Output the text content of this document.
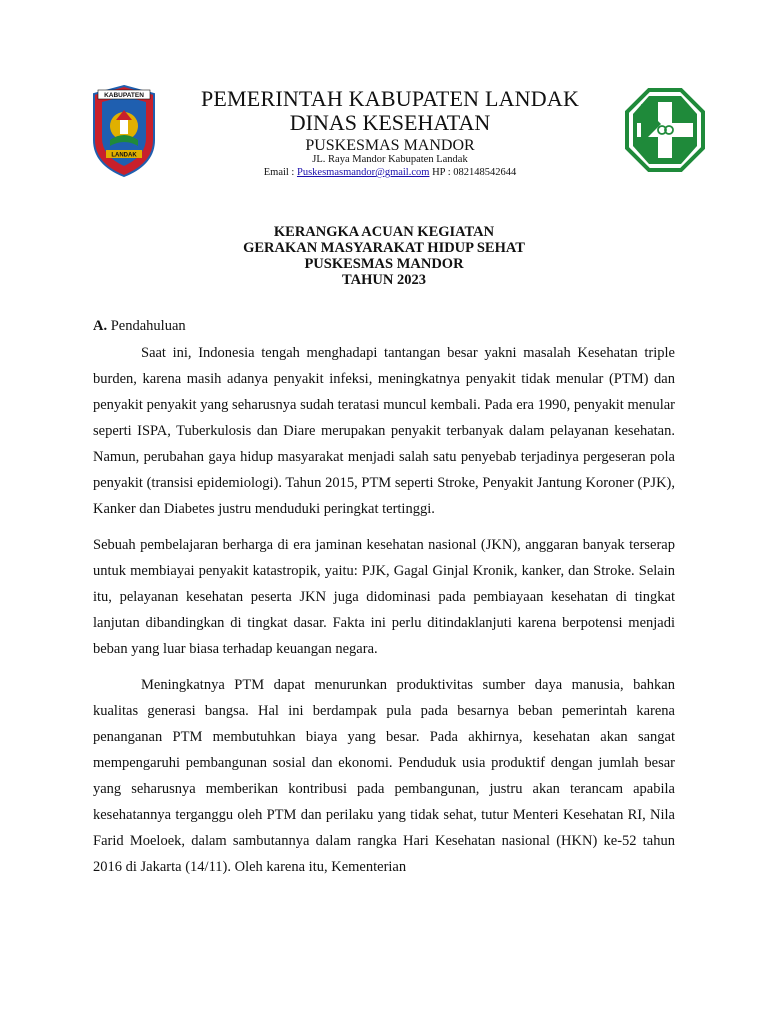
KABUPATEN
LANDAK
PEMERINTAH KABUPATEN LANDAK
DINAS KESEHATAN
PUSKESMAS MANDOR
JL. Raya Mandor Kabupaten Landak
Email : Puskesmasmandor@gmail.com HP : 082148542644
KERANGKA ACUAN KEGIATAN
GERAKAN MASYARAKAT HIDUP SEHAT
PUSKESMAS MANDOR
TAHUN 2023
A. Pendahuluan

Saat ini, Indonesia tengah menghadapi tantangan besar yakni masalah Kesehatan triple burden, karena masih adanya penyakit infeksi, meningkatnya penyakit tidak menular (PTM) dan penyakit penyakit yang seharusnya sudah teratasi muncul kembali. Pada era 1990, penyakit menular seperti ISPA, Tuberkulosis dan Diare merupakan penyakit terbanyak dalam pelayanan kesehatan. Namun, perubahan gaya hidup masyarakat menjadi salah satu penyebab terjadinya pergeseran pola penyakit (transisi epidemiologi). Tahun 2015, PTM seperti Stroke, Penyakit Jantung Koroner (PJK), Kanker dan Diabetes justru menduduki peringkat tertinggi.

Sebuah pembelajaran berharga di era jaminan kesehatan nasional (JKN), anggaran banyak terserap untuk membiayai penyakit katastropik, yaitu: PJK, Gagal Ginjal Kronik, kanker, dan Stroke. Selain itu, pelayanan kesehatan peserta JKN juga didominasi pada pembiayaan kesehatan di tingkat lanjutan dibandingkan di tingkat dasar. Fakta ini perlu ditindaklanjuti karena berpotensi menjadi beban yang luar biasa terhadap keuangan negara.

Meningkatnya PTM dapat menurunkan produktivitas sumber daya manusia, bahkan kualitas generasi bangsa. Hal ini berdampak pula pada besarnya beban pemerintah karena penanganan PTM membutuhkan biaya yang besar. Pada akhirnya, kesehatan akan sangat mempengaruhi pembangunan sosial dan ekonomi. Penduduk usia produktif dengan jumlah besar yang seharusnya memberikan kontribusi pada pembangunan, justru akan terancam apabila kesehatannya terganggu oleh PTM dan perilaku yang tidak sehat, tutur Menteri Kesehatan RI, Nila Farid Moeloek, dalam sambutannya dalam rangka Hari Kesehatan nasional (HKN) ke-52 tahun 2016 di Jakarta (14/11). Oleh karena itu, Kementerian
